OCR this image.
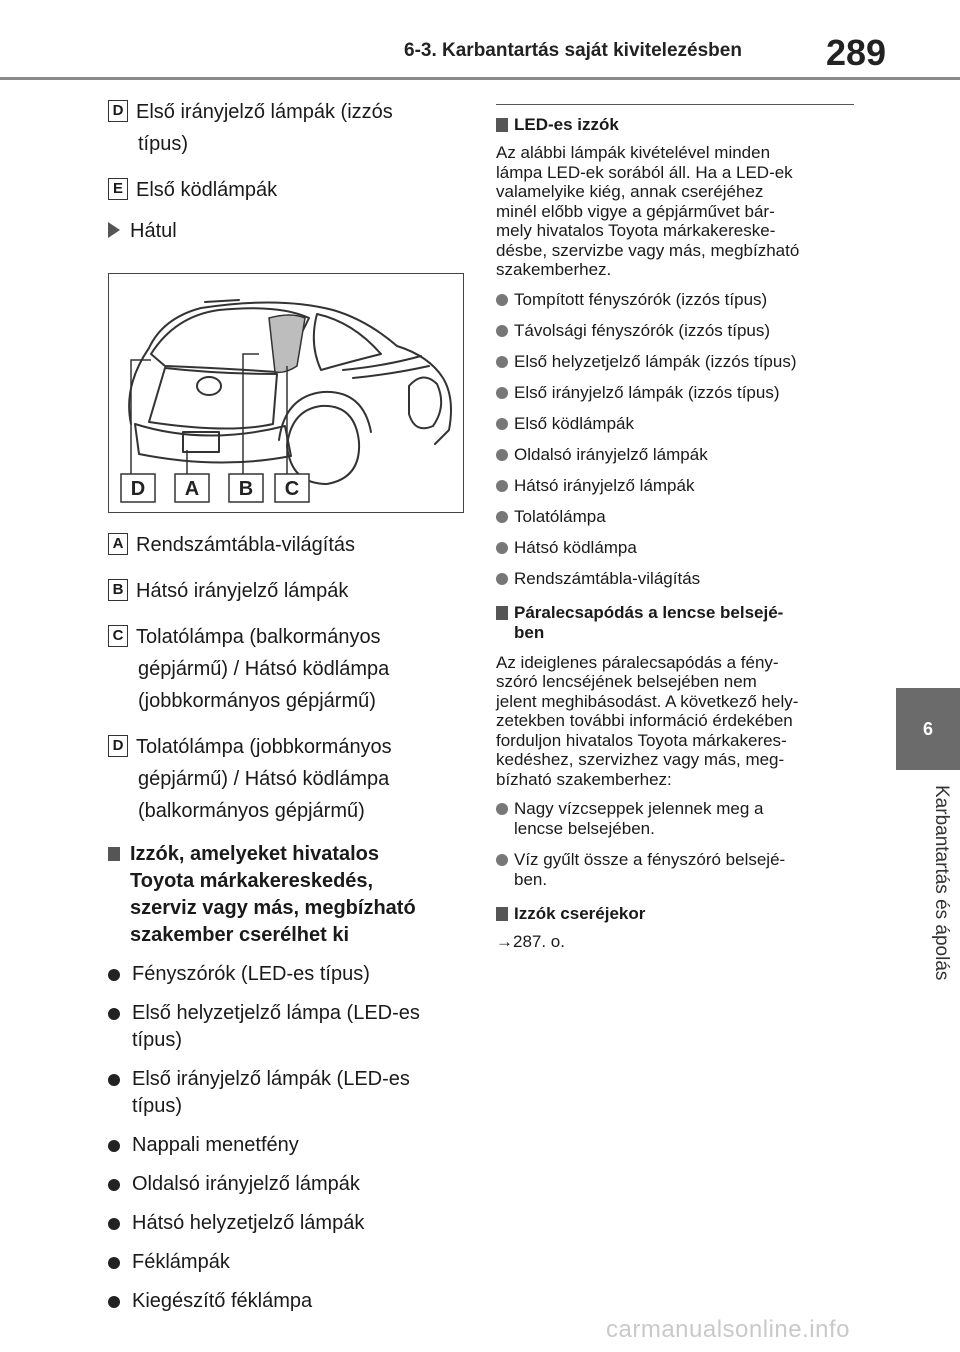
6-3. Karbantartás saját kivitelezésben 289
6
Karbantartás és ápolás
D Első irányjelző lámpák (izzós
típus)
E Első ködlámpák
Hátul
D A B C
A Rendszámtábla-világítás
B Hátsó irányjelző lámpák
C Tolatólámpa (balkormányos
gépjármű) / Hátsó ködlámpa
(jobbkormányos gépjármű)
D Tolatólámpa (jobbkormányos
gépjármű) / Hátsó ködlámpa
(balkormányos gépjármű)
Izzók, amelyeket hivatalos
Toyota márkakereskedés,
szerviz vagy más, megbízható
szakember cserélhet ki
Fényszórók (LED-es típus)
Első helyzetjelző lámpa (LED-es
típus)
Első irányjelző lámpák (LED-es
típus)
Nappali menetfény
Oldalsó irányjelző lámpák
Hátsó helyzetjelző lámpák
Féklámpák
Kiegészítő féklámpa
LED-es izzók

Az alábbi lámpák kivételével minden
lámpa LED-ek sorából áll. Ha a LED-ek
valamelyike kiég, annak cseréjéhez
minél előbb vigye a gépjárművet bár-
mely hivatalos Toyota márkakereske-
désbe, szervizbe vagy más, megbízható
szakemberhez.

Tompított fényszórók (izzós típus)
Távolsági fényszórók (izzós típus)
Első helyzetjelző lámpák (izzós típus)
Első irányjelző lámpák (izzós típus)
Első ködlámpák
Oldalsó irányjelző lámpák
Hátsó irányjelző lámpák
Tolatólámpa
Hátsó ködlámpa
Rendszámtábla-világítás
Páralecsapódás a lencse belsejé-
ben

Az ideiglenes páralecsapódás a fény-
szóró lencséjének belsejében nem
jelent meghibásodást. A következő hely-
zetekben további információ érdekében
forduljon hivatalos Toyota márkakeres-
kedéshez, szervizhez vagy más, meg-
bízható szakemberhez:

Nagy vízcseppek jelennek meg a
lencse belsejében.
Víz gyűlt össze a fényszóró belsejé-
ben.
Izzók cseréjekor

→287. o.

carmanualsonline.info
